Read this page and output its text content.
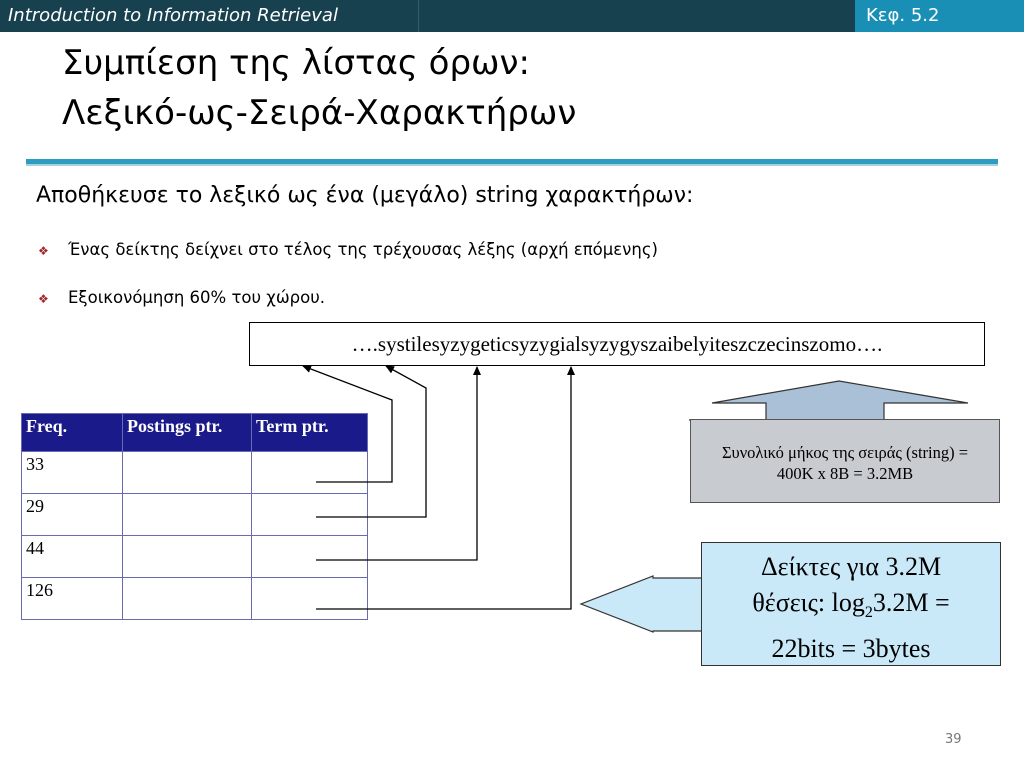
Introduction to Information Retrieval	Κεφ. 5.2
Συμπίεση της λίστας όρων:
Λεξικό-ως-Σειρά-Χαρακτήρων
Αποθήκευσε το λεξικό ως ένα (μεγάλο) string χαρακτήρων:
❖ Ένας δείκτης δείχνει στο τέλος της τρέχουσας λέξης (αρχή επόμενης)
❖ Εξοικονόμηση 60% του χώρου.
….systilesyzygeticsyzygialsyzygyszaibelyiteszczecinszomo….
Freq.	Postings ptr.	Term ptr.
33		
29		
44		
126		
Συνολικό μήκος της σειράς (string) =
400K x 8B = 3.2MB
Δείκτες για 3.2M
θέσεις: $\log_23.2M$ =
22bits = 3bytes
39
